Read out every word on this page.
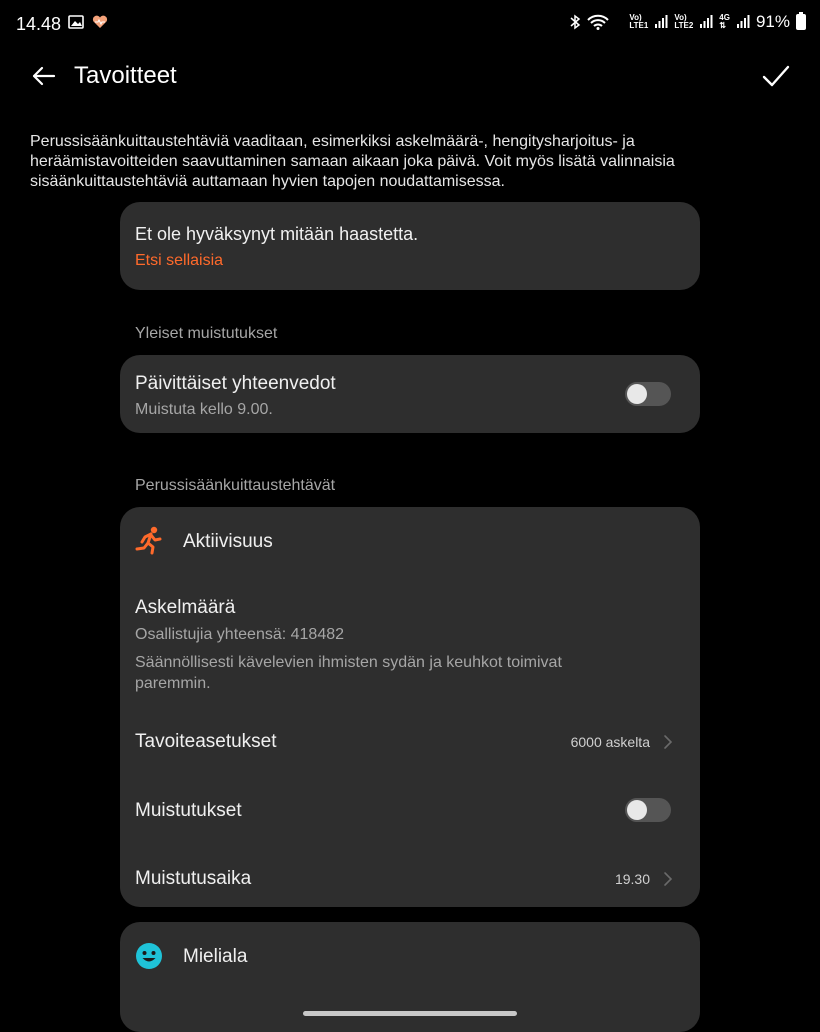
14.48	Vo)
LTE1
Vo)
LTE2
4G
⇅ 91%
Tavoitteet
Perussisäänkuittaustehtäviä vaaditaan, esimerkiksi askelmäärä-, hengitysharjoitus- ja heräämistavoitteiden saavuttaminen samaan aikaan joka päivä. Voit myös lisätä valinnaisia sisäänkuittaustehtäviä auttamaan hyvien tapojen noudattamisessa.
Et ole hyväksynyt mitään haastetta.
Etsi sellaisia
Yleiset muistutukset
Päivittäiset yhteenvedot
Muistuta kello 9.00.
Perussisäänkuittaustehtävät
Aktiivisuus
Askelmäärä
Osallistujia yhteensä: 418482
Säännöllisesti kävelevien ihmisten sydän ja keuhkot toimivat paremmin.
Tavoiteasetukset	6000 askelta
Muistutukset
Muistutusaika	19.30
Mieliala
